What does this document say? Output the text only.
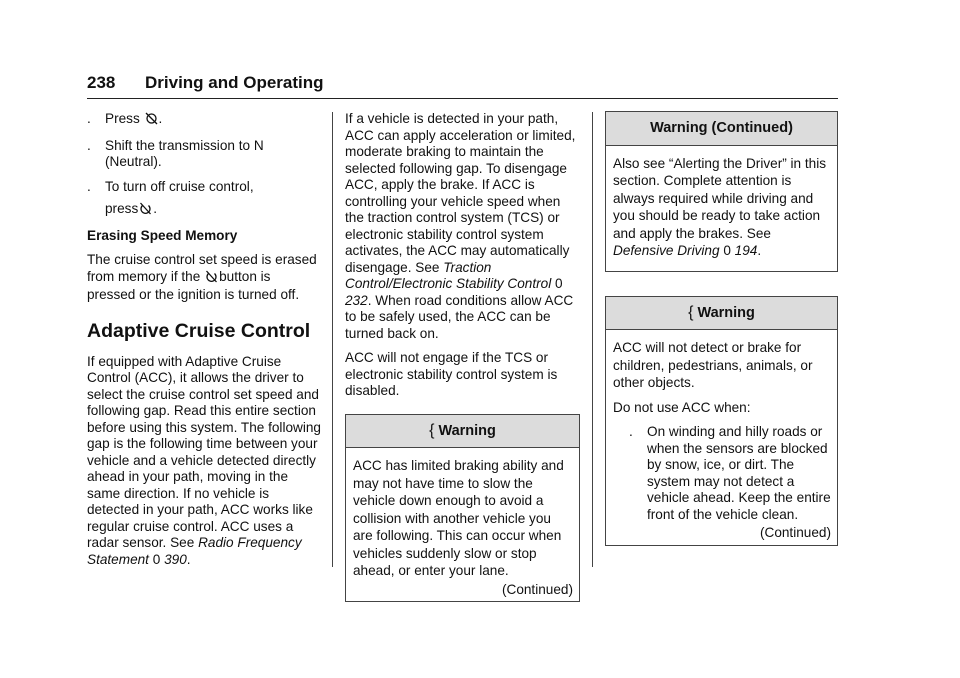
238 Driving and Operating
. Press .
. Shift the transmission to N (Neutral).
. To turn off cruise control,
press.
Erasing Speed Memory

The cruise control set speed is erased from memory if the button is pressed or the ignition is turned off.

Adaptive Cruise Control

If equipped with Adaptive Cruise Control (ACC), it allows the driver to select the cruise control set speed and following gap. Read this entire section before using this system. The following gap is the following time between your vehicle and a vehicle detected directly ahead in your path, moving in the same direction. If no vehicle is detected in your path, ACC works like regular cruise control. ACC uses a radar sensor. See Radio Frequency Statement 0 390.

If a vehicle is detected in your path, ACC can apply acceleration or limited, moderate braking to maintain the selected following gap. To disengage ACC, apply the brake. If ACC is controlling your vehicle speed when the traction control system (TCS) or electronic stability control system activates, the ACC may automatically disengage. See Traction Control/Electronic Stability Control 0 232. When road conditions allow ACC to be safely used, the ACC can be turned back on.

ACC will not engage if the TCS or electronic stability control system is disabled.

{ Warning

ACC has limited braking ability and may not have time to slow the vehicle down enough to avoid a collision with another vehicle you are following. This can occur when vehicles suddenly slow or stop ahead, or enter your lane.

(Continued)
Warning (Continued)

Also see “Alerting the Driver” in this section. Complete attention is always required while driving and you should be ready to take action and apply the brakes. See Defensive Driving 0 194.

{ Warning

ACC will not detect or brake for children, pedestrians, animals, or other objects.

Do not use ACC when:

. On winding and hilly roads or when the sensors are blocked by snow, ice, or dirt. The system may not detect a vehicle ahead. Keep the entire front of the vehicle clean.
(Continued)
